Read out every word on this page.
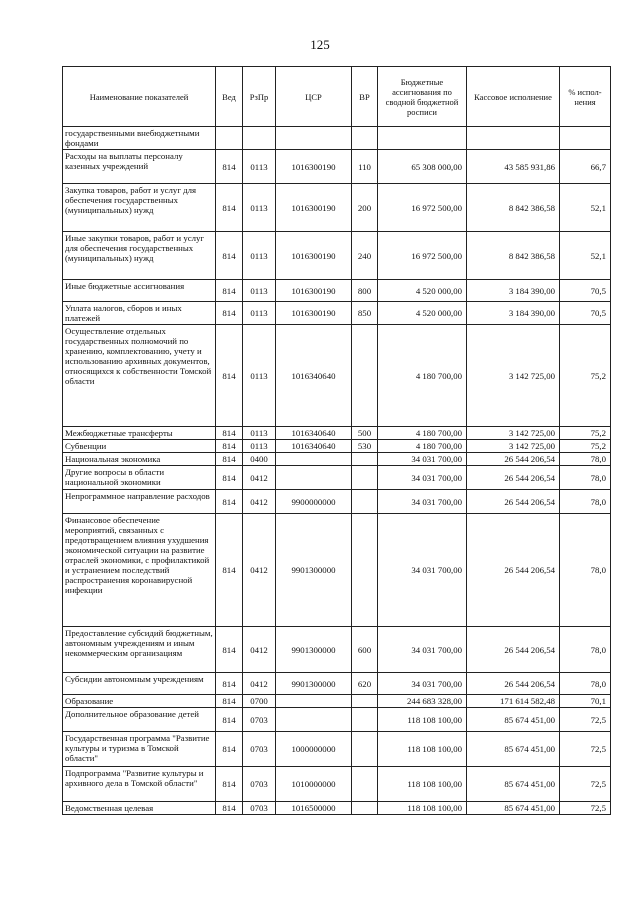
125
Наименование показателей	Вед	РзПр	ЦСР	ВР	Бюджетные ассигнования по сводной бюджетной росписи	Кассовое исполнение	% испол-нения
государственными внебюджетными фондами							
Расходы на выплаты персоналу казенных учреждений	814	0113	1016300190	110	65 308 000,00	43 585 931,86	66,7
Закупка товаров, работ и услуг для обеспечения государственных (муниципальных) нужд	814	0113	1016300190	200	16 972 500,00	8 842 386,58	52,1
Иные закупки товаров, работ и услуг для обеспечения государственных (муниципальных) нужд	814	0113	1016300190	240	16 972 500,00	8 842 386,58	52,1
Иные бюджетные ассигнования	814	0113	1016300190	800	4 520 000,00	3 184 390,00	70,5
Уплата налогов, сборов и иных платежей	814	0113	1016300190	850	4 520 000,00	3 184 390,00	70,5
Осуществление отдельных государственных полномочий по хранению, комплектованию, учету и использованию архивных документов, относящихся к собственности Томской области	814	0113	1016340640		4 180 700,00	3 142 725,00	75,2
Межбюджетные трансферты	814	0113	1016340640	500	4 180 700,00	3 142 725,00	75,2
Субвенции	814	0113	1016340640	530	4 180 700,00	3 142 725,00	75,2
Национальная экономика	814	0400			34 031 700,00	26 544 206,54	78,0
Другие вопросы в области национальной экономики	814	0412			34 031 700,00	26 544 206,54	78,0
Непрограммное направление расходов	814	0412	9900000000		34 031 700,00	26 544 206,54	78,0
Финансовое обеспечение мероприятий, связанных с предотвращением влияния ухудшения экономической ситуации на развитие отраслей экономики, с профилактикой и устранением последствий распространения коронавирусной инфекции	814	0412	9901300000		34 031 700,00	26 544 206,54	78,0
Предоставление субсидий бюджетным, автономным учреждениям и иным некоммерческим организациям	814	0412	9901300000	600	34 031 700,00	26 544 206,54	78,0
Субсидии автономным учреждениям	814	0412	9901300000	620	34 031 700,00	26 544 206,54	78,0
Образование	814	0700			244 683 328,00	171 614 582,48	70,1
Дополнительное образование детей	814	0703			118 108 100,00	85 674 451,00	72,5
Государственная программа "Развитие культуры и туризма в Томской области"	814	0703	1000000000		118 108 100,00	85 674 451,00	72,5
Подпрограмма "Развитие культуры и архивного дела в Томской области"	814	0703	1010000000		118 108 100,00	85 674 451,00	72,5
Ведомственная целевая	814	0703	1016500000		118 108 100,00	85 674 451,00	72,5
